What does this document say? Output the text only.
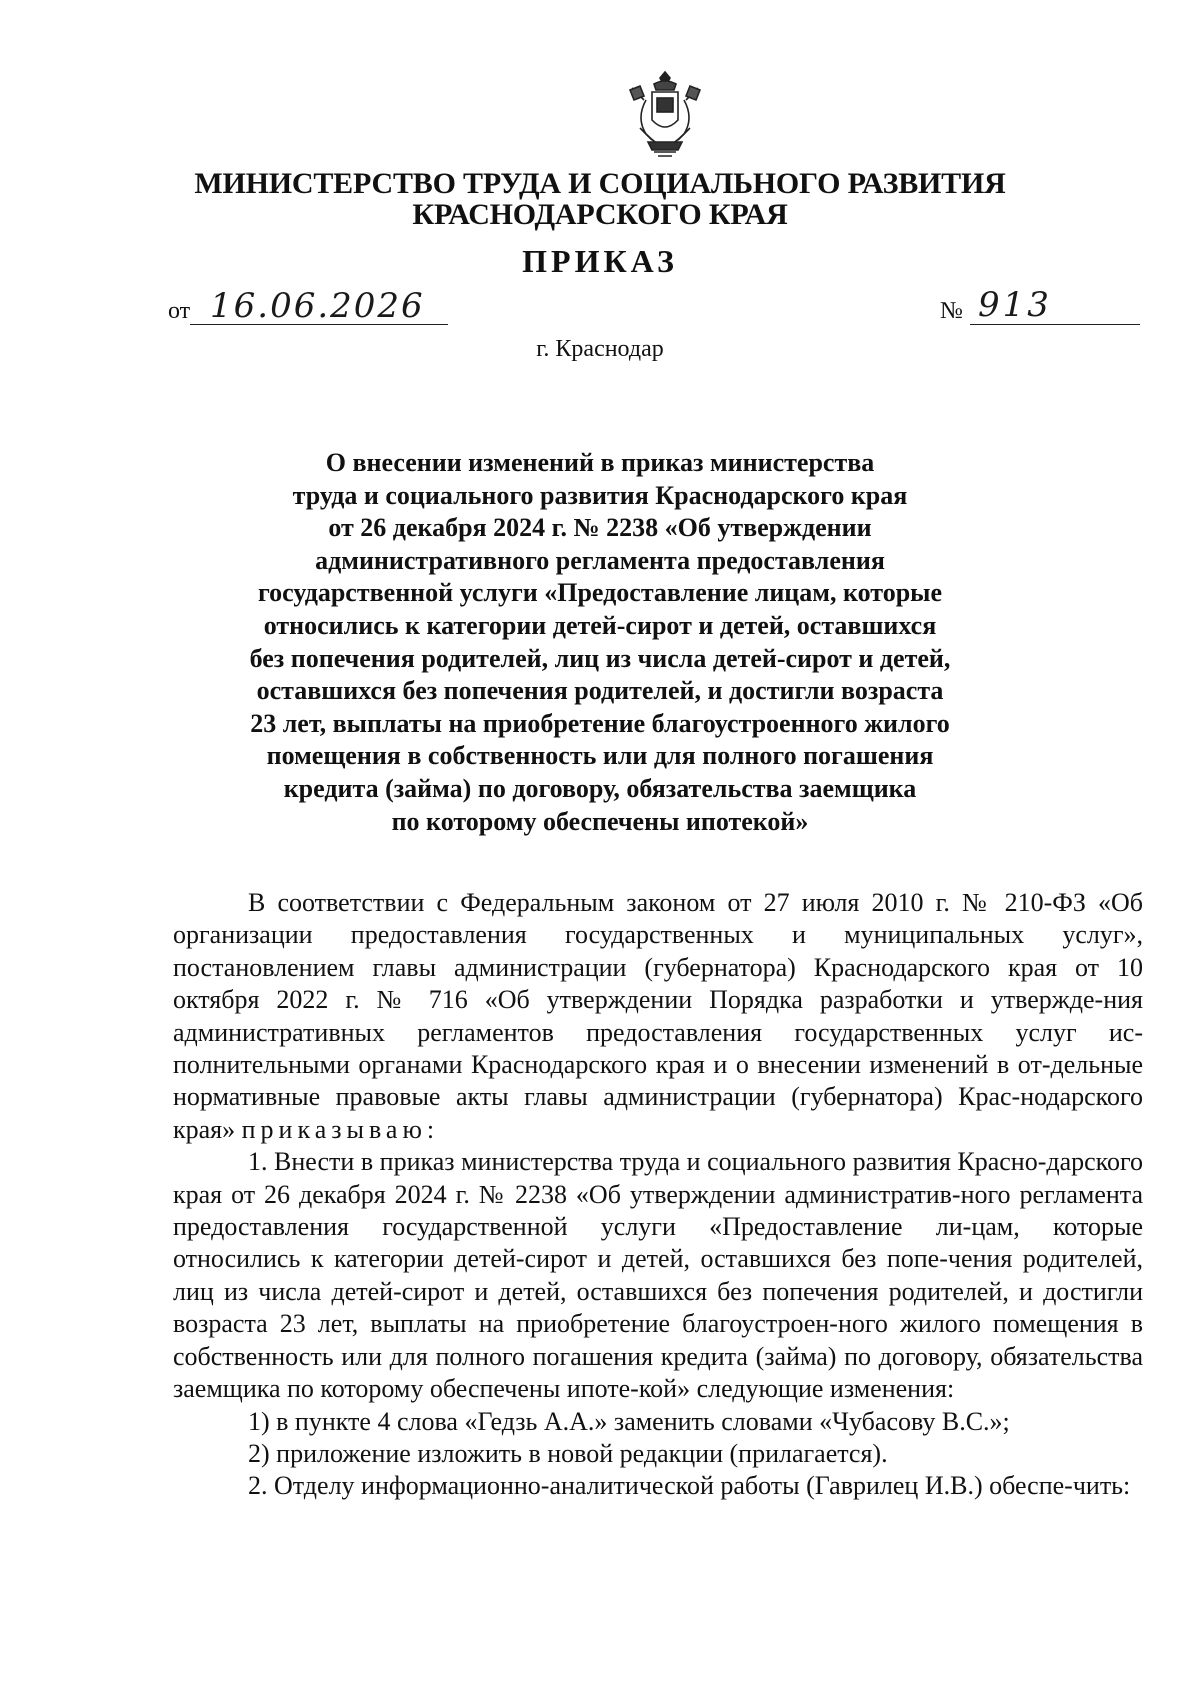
МИНИСТЕРСТВО ТРУДА И СОЦИАЛЬНОГО РАЗВИТИЯ
КРАСНОДАРСКОГО КРАЯ
ПРИКАЗ
от 16.06.2026	№ 913
г. Краснодар
О внесении изменений в приказ министерства
труда и социального развития Краснодарского края
от 26 декабря 2024 г. № 2238 «Об утверждении
административного регламента предоставления
государственной услуги «Предоставление лицам, которые
относились к категории детей-сирот и детей, оставшихся
без попечения родителей, лиц из числа детей-сирот и детей,
оставшихся без попечения родителей, и достигли возраста
23 лет, выплаты на приобретение благоустроенного жилого
помещения в собственность или для полного погашения
кредита (займа) по договору, обязательства заемщика
по которому обеспечены ипотекой»

В соответствии с Федеральным законом от 27 июля 2010 г. № 210-ФЗ «Об организации предоставления государственных и муниципальных услуг», постановлением главы администрации (губернатора) Краснодарского края от 10 октября 2022 г. № 716 «Об утверждении Порядка разработки и утвержде-ния административных регламентов предоставления государственных услуг ис-полнительными органами Краснодарского края и о внесении изменений в от-дельные нормативные правовые акты главы администрации (губернатора) Крас-нодарского края» приказываю:

1. Внести в приказ министерства труда и социального развития Красно-дарского края от 26 декабря 2024 г. № 2238 «Об утверждении административ-ного регламента предоставления государственной услуги «Предоставление ли-цам, которые относились к категории детей-сирот и детей, оставшихся без попе-чения родителей, лиц из числа детей-сирот и детей, оставшихся без попечения родителей, и достигли возраста 23 лет, выплаты на приобретение благоустроен-ного жилого помещения в собственность или для полного погашения кредита (займа) по договору, обязательства заемщика по которому обеспечены ипоте-кой» следующие изменения:

1) в пункте 4 слова «Гедзь А.А.» заменить словами «Чубасову В.С.»;

2) приложение изложить в новой редакции (прилагается).

2. Отделу информационно-аналитической работы (Гаврилец И.В.) обеспе-чить:
